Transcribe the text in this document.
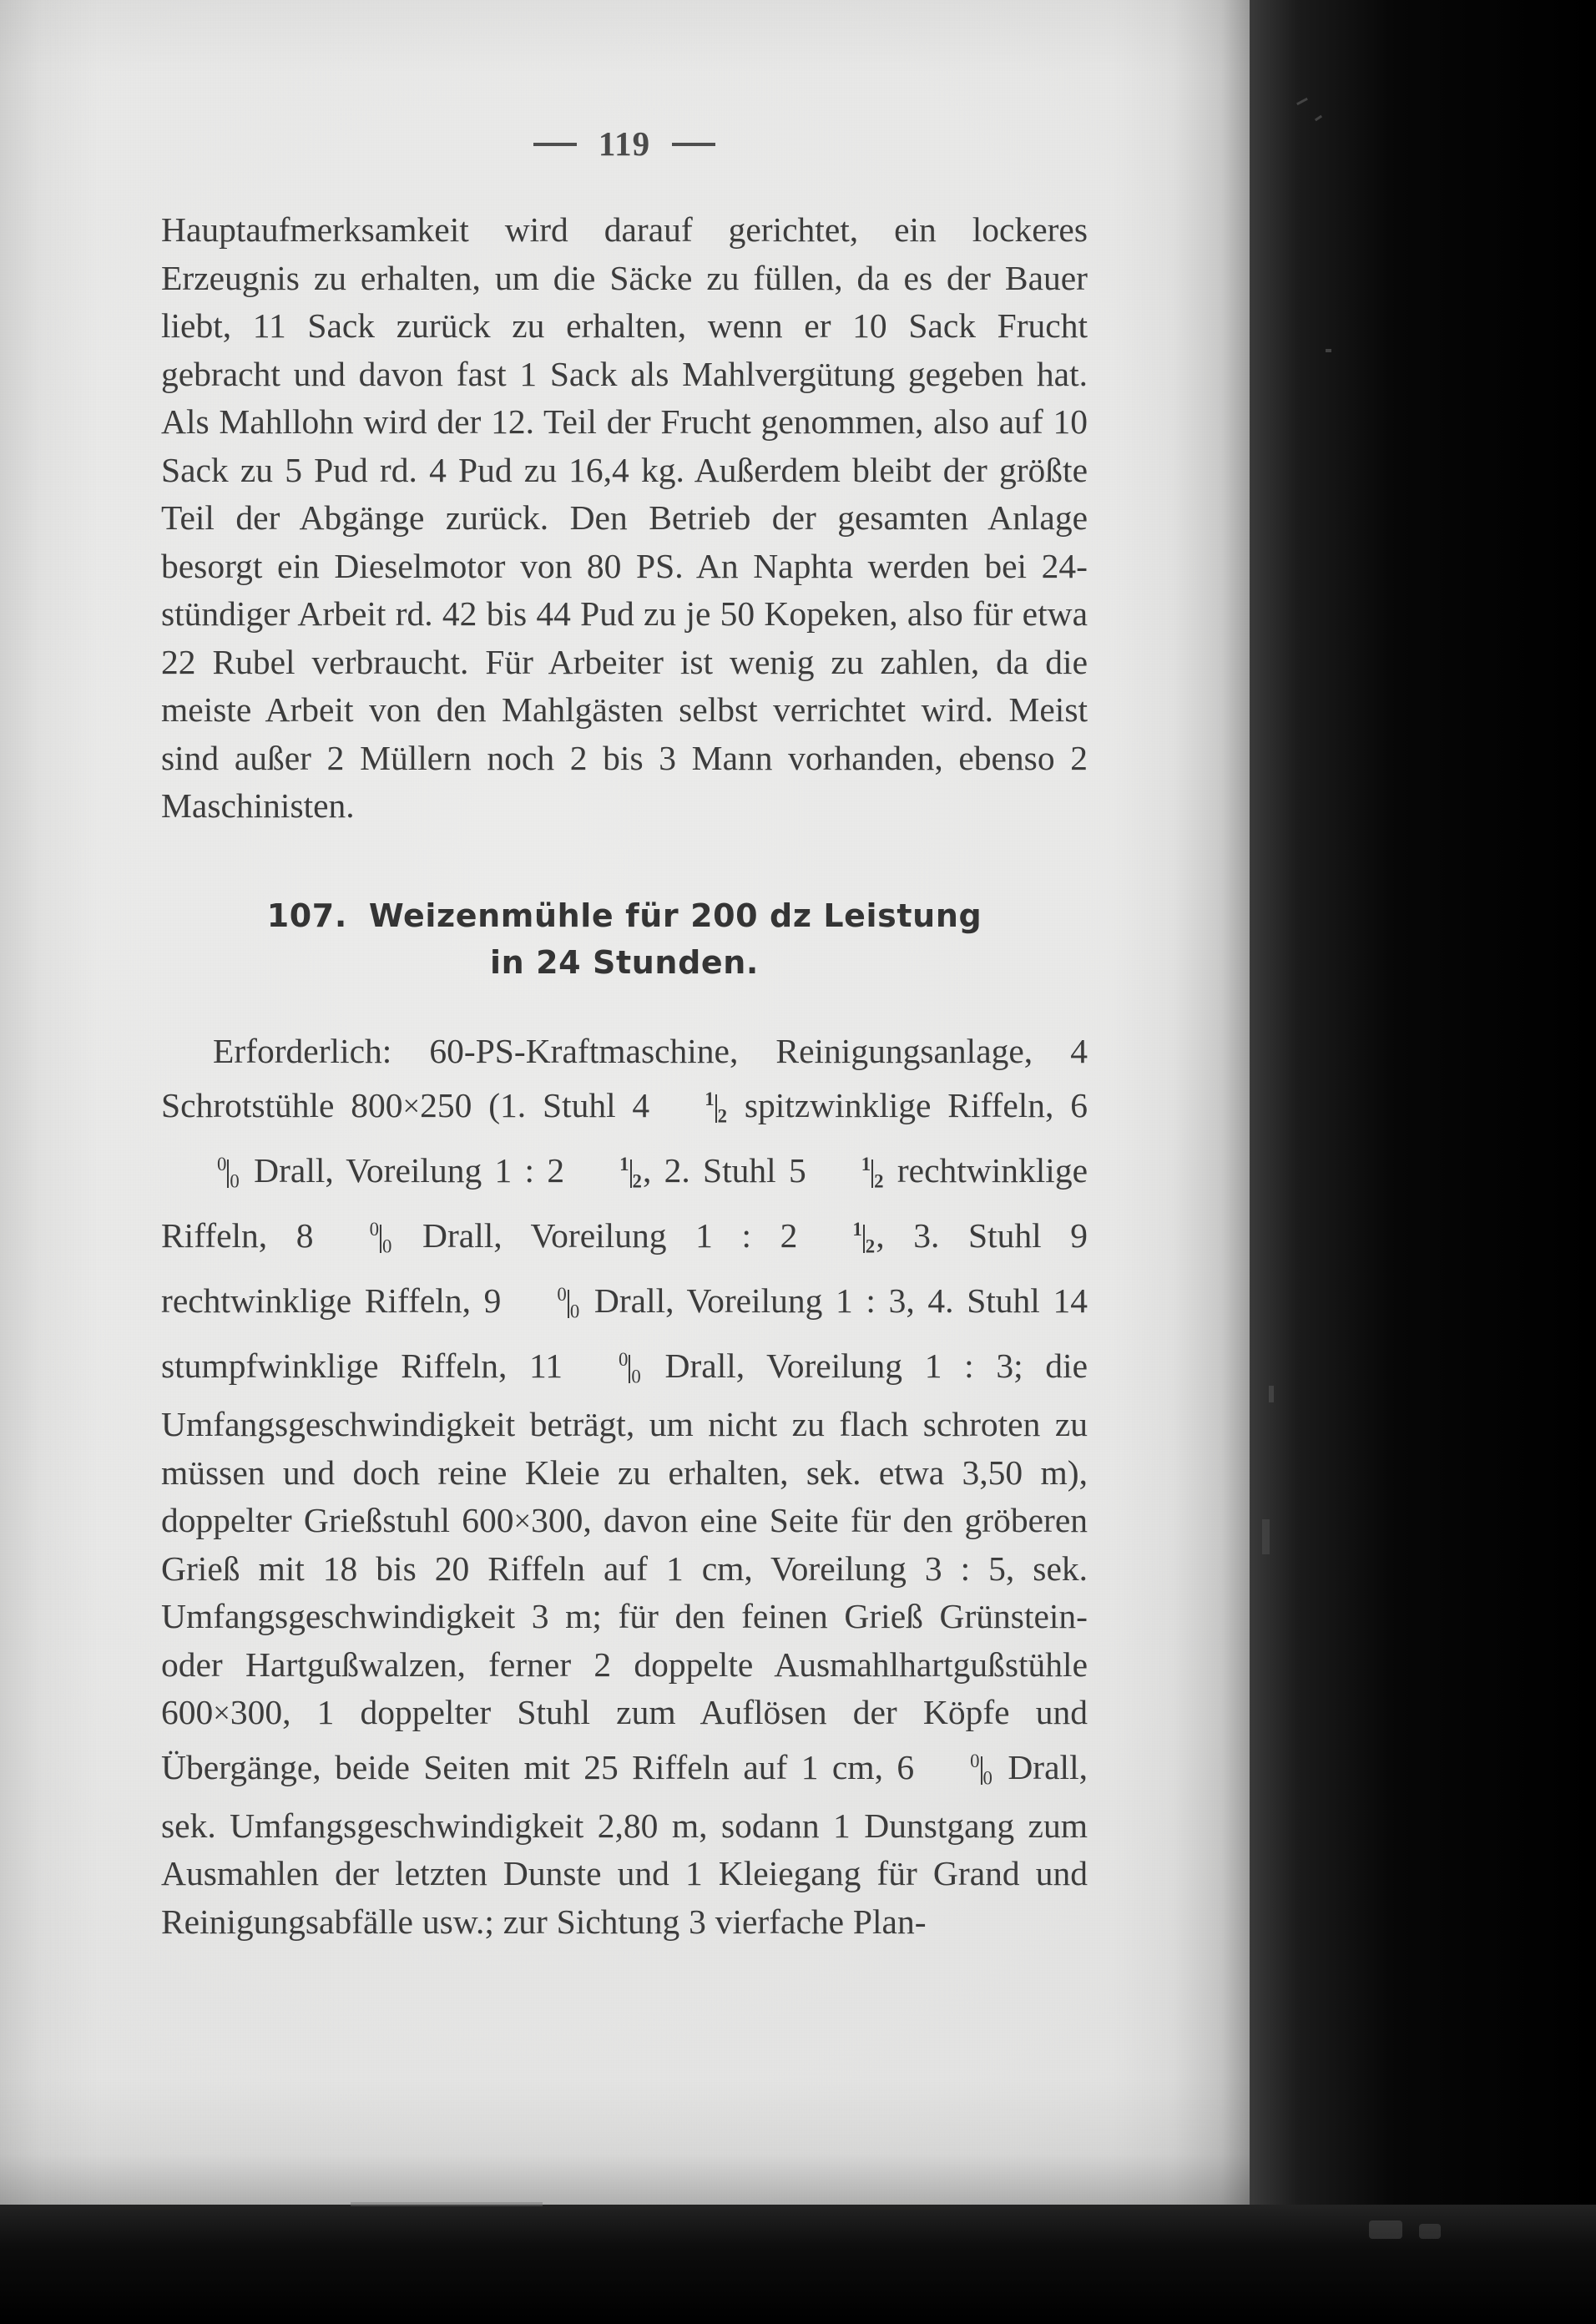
119

Hauptaufmerksamkeit wird darauf gerichtet, ein lockeres Erzeugnis zu erhalten, um die Säcke zu füllen, da es der Bauer liebt, 11 Sack zurück zu erhalten, wenn er 10 Sack Frucht gebracht und davon fast 1 Sack als Mahlvergütung gegeben hat. Als Mahllohn wird der 12. Teil der Frucht genommen, also auf 10 Sack zu 5 Pud rd. 4 Pud zu 16,4 kg. Außerdem bleibt der größte Teil der Abgänge zurück. Den Betrieb der gesamten Anlage besorgt ein Dieselmotor von 80 PS. An Naphta werden bei 24-stündiger Arbeit rd. 42 bis 44 Pud zu je 50 Kopeken, also für etwa 22 Rubel verbraucht. Für Arbeiter ist wenig zu zahlen, da die meiste Arbeit von den Mahlgästen selbst verrichtet wird. Meist sind außer 2 Müllern noch 2 bis 3 Mann vorhanden, ebenso 2 Maschinisten.

107. Weizenmühle für 200 dz Leistung
in 24 Stunden.

Erforderlich: 60-PS-Kraftmaschine, Reinigungsanlage, 4 Schrotstühle 800×250 (1. Stuhl 4	$^1$2 spitzwinklige Riffeln, $6^00$ Drall, Voreilung 1 : 2	$^1$2, 2. Stuhl 5	$^1$2 rechtwinklige Riffeln, 8	$^0$0 Drall, Voreilung 1 : 2	$^1$2, 3. Stuhl 9 rechtwinklige Riffeln, 9	$^0$0 Drall, Voreilung 1 : 3, 4. Stuhl 14 stumpfwinklige Riffeln, 11	$^0$0 Drall, Voreilung 1 : 3; die Umfangsgeschwindigkeit beträgt, um nicht zu flach schroten zu müssen und doch reine Kleie zu erhalten, sek. etwa 3,50 m), doppelter Grießstuhl 600×300, davon eine Seite für den gröberen Grieß mit 18 bis 20 Riffeln auf 1 cm, Voreilung 3 : 5, sek. Umfangsgeschwindigkeit 3 m; für den feinen Grieß Grünstein- oder Hartgußwalzen, ferner 2 doppelte Ausmahlhartgußstühle 600×300, 1 doppelter Stuhl zum Auflösen der Köpfe und Übergänge, beide Seiten mit 25 Riffeln auf 1 cm, 6	$^0$0 Drall, sek. Umfangsgeschwindigkeit 2,80 m, sodann 1 Dunstgang zum Ausmahlen der letzten Dunste und 1 Kleiegang für Grand und Reinigungsabfälle usw.; zur Sichtung 3 vierfache Plan-
